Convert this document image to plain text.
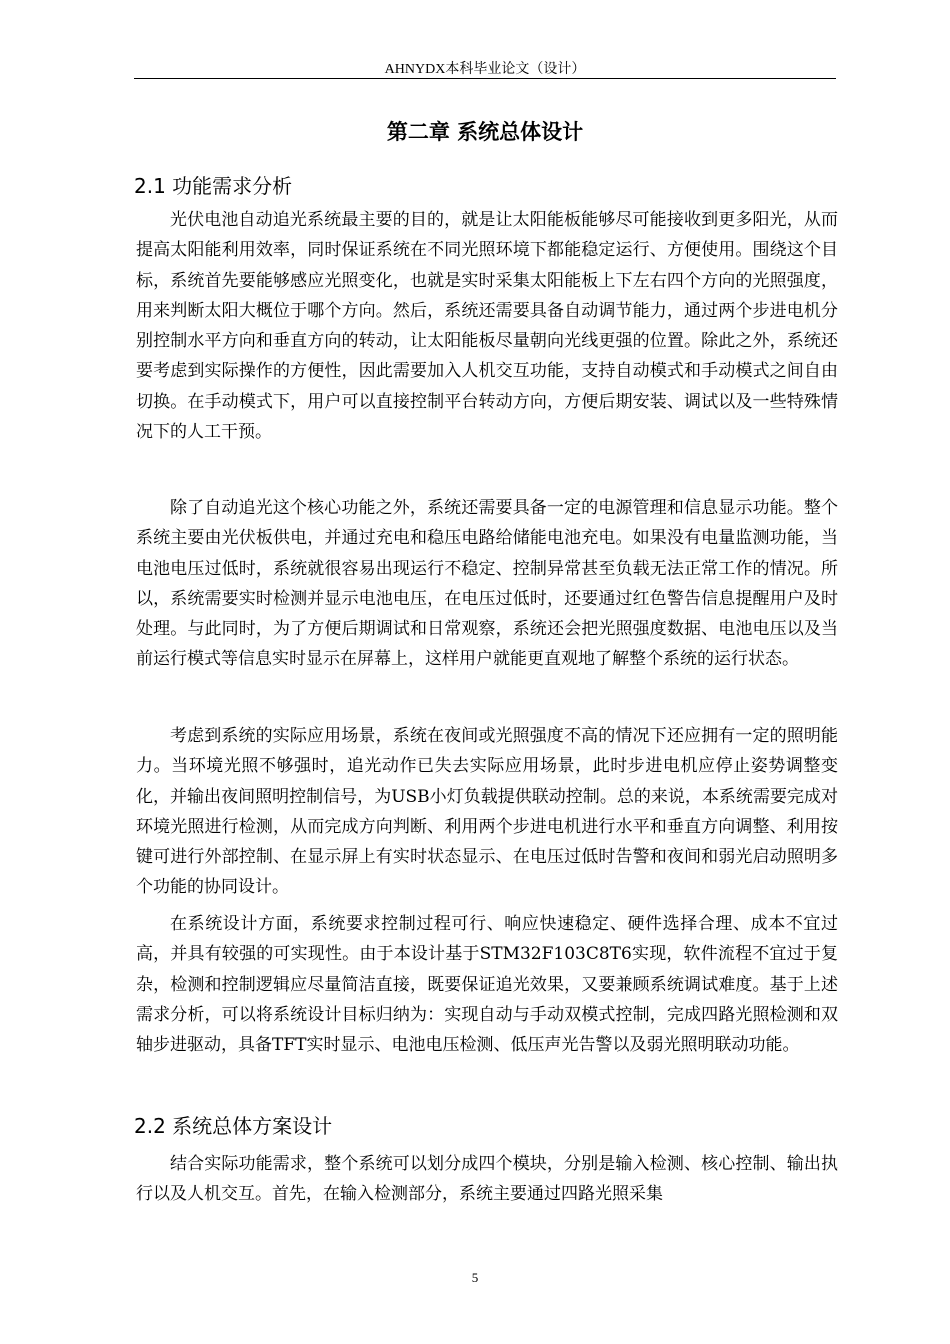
AHNYDX本科毕业论文（设计）
第二章 系统总体设计
2.1 功能需求分析

光伏电池自动追光系统最主要的目的，就是让太阳能板能够尽可能接收到更多阳光，从而提高太阳能利用效率，同时保证系统在不同光照环境下都能稳定运行、方便使用。围绕这个目标，系统首先要能够感应光照变化，也就是实时采集太阳能板上下左右四个方向的光照强度，用来判断太阳大概位于哪个方向。然后，系统还需要具备自动调节能力，通过两个步进电机分别控制水平方向和垂直方向的转动，让太阳能板尽量朝向光线更强的位置。除此之外，系统还要考虑到实际操作的方便性，因此需要加入人机交互功能，支持自动模式和手动模式之间自由切换。在手动模式下，用户可以直接控制平台转动方向，方便后期安装、调试以及一些特殊情况下的人工干预。

除了自动追光这个核心功能之外，系统还需要具备一定的电源管理和信息显示功能。整个系统主要由光伏板供电，并通过充电和稳压电路给储能电池充电。如果没有电量监测功能，当电池电压过低时，系统就很容易出现运行不稳定、控制异常甚至负载无法正常工作的情况。所以，系统需要实时检测并显示电池电压，在电压过低时，还要通过红色警告信息提醒用户及时处理。与此同时，为了方便后期调试和日常观察，系统还会把光照强度数据、电池电压以及当前运行模式等信息实时显示在屏幕上，这样用户就能更直观地了解整个系统的运行状态。

考虑到系统的实际应用场景，系统在夜间或光照强度不高的情况下还应拥有一定的照明能力。当环境光照不够强时，追光动作已失去实际应用场景，此时步进电机应停止姿势调整变化，并输出夜间照明控制信号，为USB小灯负载提供联动控制。总的来说，本系统需要完成对环境光照进行检测，从而完成方向判断、利用两个步进电机进行水平和垂直方向调整、利用按键可进行外部控制、在显示屏上有实时状态显示、在电压过低时告警和夜间和弱光启动照明多个功能的协同设计。

在系统设计方面，系统要求控制过程可行、响应快速稳定、硬件选择合理、成本不宜过高，并具有较强的可实现性。由于本设计基于STM32F103C8T6实现，软件流程不宜过于复杂，检测和控制逻辑应尽量简洁直接，既要保证追光效果，又要兼顾系统调试难度。基于上述需求分析，可以将系统设计目标归纳为：实现自动与手动双模式控制，完成四路光照检测和双轴步进驱动，具备TFT实时显示、电池电压检测、低压声光告警以及弱光照明联动功能。

2.2 系统总体方案设计

结合实际功能需求，整个系统可以划分成四个模块，分别是输入检测、核心控制、输出执行以及人机交互。首先，在输入检测部分，系统主要通过四路光照采集

5
